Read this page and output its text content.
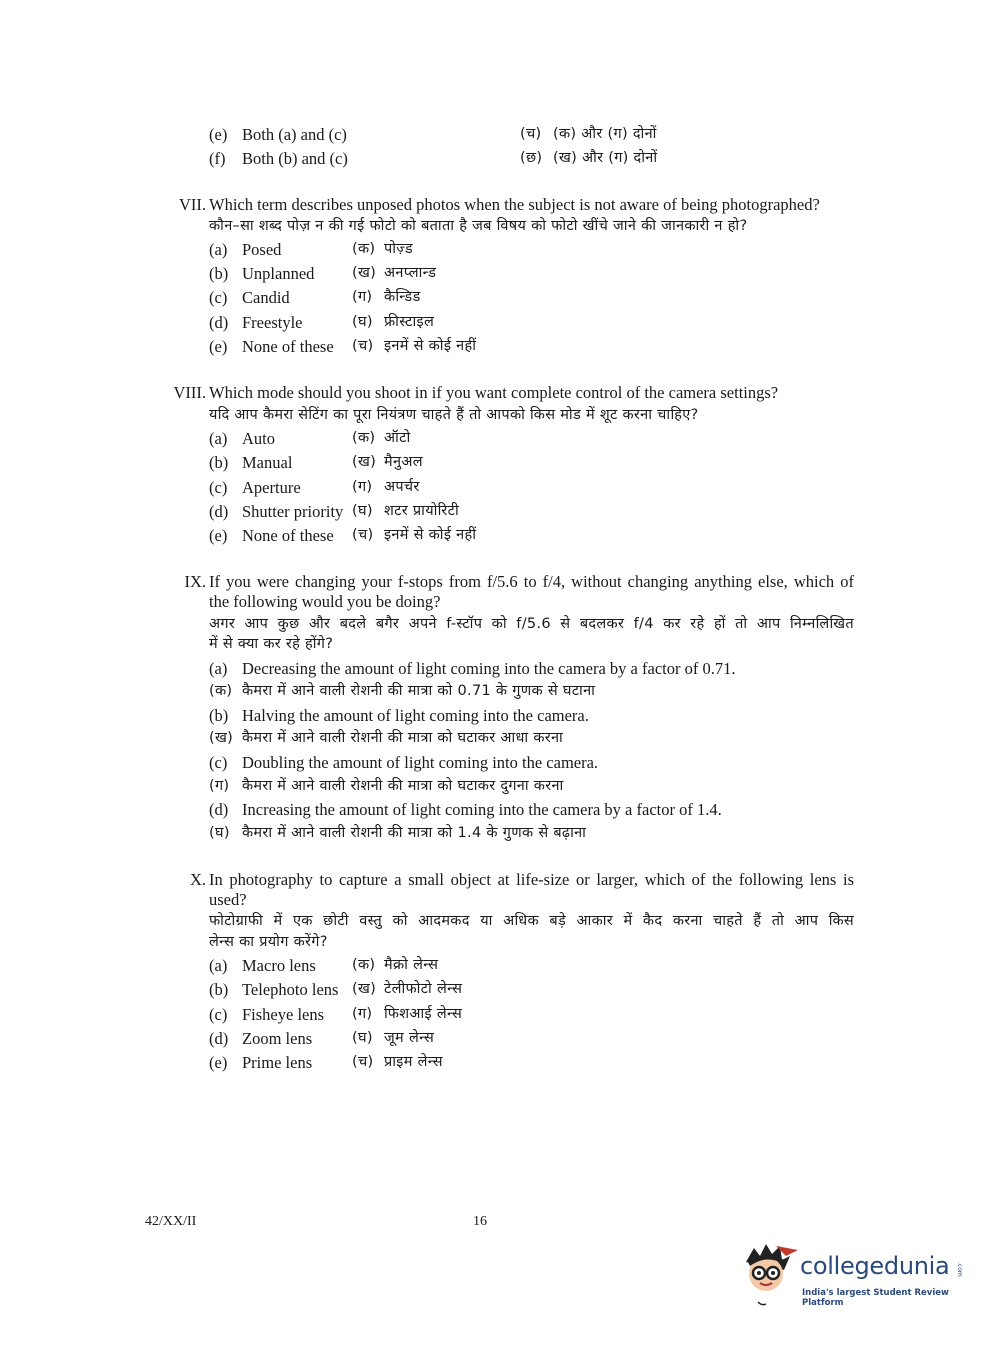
(e) Both (a) and (c)	(च) (क) और (ग) दोनों
(f) Both (b) and (c)	(छ) (ख) और (ग) दोनों
VII. Which term describes unposed photos when the subject is not aware of being photographed?
कौन–सा शब्द पोज़ न की गई फोटो को बताता है जब विषय को फोटो खींचे जाने की जानकारी न हो?
(a) Posed	(क) पोज़्ड
(b) Unplanned	(ख) अनप्लान्ड
(c) Candid	(ग) कैन्डिड
(d) Freestyle	(घ) फ्रीस्टाइल
(e) None of these (च) इनमें से कोई नहीं
VIII. Which mode should you shoot in if you want complete control of the camera settings?
यदि आप कैमरा सेटिंग का पूरा नियंत्रण चाहते हैं तो आपको किस मोड में शूट करना चाहिए?
(a) Auto	(क) ऑटो
(b) Manual	(ख) मैनुअल
(c) Aperture	(ग) अपर्चर
(d) Shutter priority (घ) शटर प्रायोरिटी
(e) None of these (च) इनमें से कोई नहीं
IX. If you were changing your f-stops from f/5.6 to f/4, without changing anything else, which of
the following would you be doing?
अगर आप कुछ और बदले बगैर अपने f-स्टॉप को f/5.6 से बदलकर f/4 कर रहे हों तो आप निम्नलिखित
में से क्या कर रहे होंगे?
(a) Decreasing the amount of light coming into the camera by a factor of 0.71.
(क) कैमरा में आने वाली रोशनी की मात्रा को 0.71 के गुणक से घटाना
(b) Halving the amount of light coming into the camera.
(ख) कैमरा में आने वाली रोशनी की मात्रा को घटाकर आधा करना
(c) Doubling the amount of light coming into the camera.
(ग) कैमरा में आने वाली रोशनी की मात्रा को घटाकर दुगना करना
(d) Increasing the amount of light coming into the camera by a factor of 1.4.
(घ) कैमरा में आने वाली रोशनी की मात्रा को 1.4 के गुणक से बढ़ाना
X. In photography to capture a small object at life-size or larger, which of the following lens is
used?
फोटोग्राफी में एक छोटी वस्तु को आदमकद या अधिक बड़े आकार में कैद करना चाहते हैं तो आप किस
लेन्स का प्रयोग करेंगे?
(a) Macro lens (क) मैक्रो लेन्स
(b) Telephoto lens (ख) टेलीफोटो लेन्स
(c) Fisheye lens (ग) फिशआई लेन्स
(d) Zoom lens	(घ) जूम लेन्स
(e) Prime lens	(च) प्राइम लेन्स
42/XX/II	16
collegedunia .com
India's largest Student Review Platform
